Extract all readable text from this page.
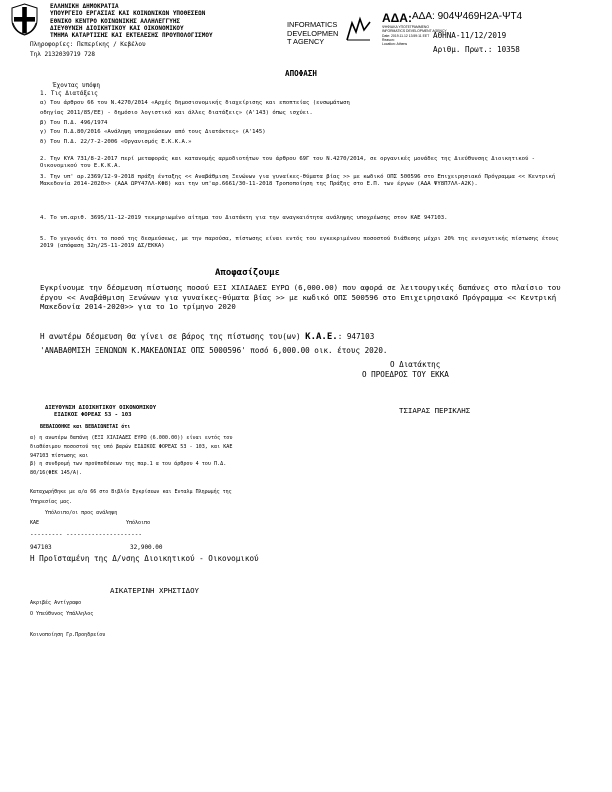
ΕΛΛΗΝΙΚΗ ΔΗΜΟΚΡΑΤΙΑ
ΥΠΟΥΡΓΕΙΟ ΕΡΓΑΣΙΑΣ ΚΑΙ ΚΟΙΝΩΝΙΚΩΝ ΥΠΟΘΕΣΕΩΝ
ΕΘΝΙΚΟ ΚΕΝΤΡΟ ΚΟΙΝΩΝΙΚΗΣ ΑΛΛΗΛΕΓΓΥΗΣ
ΔΙΕΥΘΥΝΣΗ ΔΙΟΙΚΗΤΙΚΟΥ ΚΑΙ ΟΙΚΟΝΟΜΙΚΟΥ
ΤΜΗΜΑ ΚΑΤΑΡΤΙΣΗΣ ΚΑΙ ΕΚΤΕΛΕΣΗΣ ΠΡΟΥΠΟΛΟΓΙΣΜΟΥ
Πληροφορίες: Πεπερίκης / Κεβέλου
Τηλ 2132039719 728
INFORMATICS
DEVELOPMEN
T AGENCY
ΑΔΑ:
ΨΗΦΙΑΚΑ ΥΠΟΓΕΓΡΑΜΜΕΝΟ
INFORMATICS DEVELOPMENT AGENCY
Date: 2019.11.12 13:59:11 EET
Reason:
Location: Athens
ΑΔΑ: 904Ψ469Η2Α-ΨΤ4
ΑΘΗΝΑ-11/12/2019
Αριθμ. Πρωτ.: 10358
ΑΠΟΦΑΣΗ
Έχοντας υπόψη
1. Τις Διατάξεις
α) Του άρθρου 66 του Ν.4270/2014 «Αρχές δημοσιονομικής διαχείρισης και εποπτείας (ενσωμάτωση
οδηγίας 2011/85/ΕΕ) - δημόσιο λογιστικό και άλλες διατάξεις» (Α'143) όπως ισχύει.
β) Του Π.Δ. 496/1974
γ) Του Π.Δ.80/2016 «Ανάληψη υποχρεώσεων από τους Διατάκτες» (Α'145)
δ) Του Π.Δ. 22/7-2-2006 «Οργανισμός Ε.Κ.Κ.Α.»
2. Την ΚΥΑ 731/8-2-2017 περί μεταφοράς και κατανομής αρμοδιοτήτων του άρθρου 69Γ του Ν.4270/2014, σε οργανικές μονάδες της Διεύθυνσης Διοικητικού - Οικονομικού του Ε.Κ.Κ.Α.
3. Την υπ' αρ.2369/12-9-2018 πράξη ένταξης << Αναβάθμιση Ξενώνων για γυναίκες-θύματα βίας >> με κωδικό ΟΠΣ 500596 στο Επιχειρησιακό Πρόγραμμα << Κεντρική Μακεδονία 2014-2020>> (ΑΔΑ ΩΡΥ47ΛΛ-ΚΦ8) και την υπ'αρ.6661/30-11-2018 Τροποποίηση της Πράξης στο Ε.Π. των έργων (ΑΔΑ ΨΥ8Π7ΛΛ-Α2Κ).
4. Το υπ.αριθ. 3695/11-12-2019 τεκμηριωμένο αίτημα του Διατάκτη για την αναγκαιότητα ανάληψης υποχρέωσης στον ΚΑΕ 947103.
5. Το γεγονός ότι το ποσό της δεσμεύσεως, με την παρούσα, πίστωσης είναι εντός του εγκεκριμένου ποσοστού διάθεσης μέχρι 20% της ενισχυτικής πίστωσης έτους 2019 (απόφαση 32η/25-11-2019 ΔΣ/ΕΚΚΑ)
Αποφασίζουμε
Εγκρίνουμε την δέσμευση πίστωσης ποσού ΕΞΙ ΧΙΛΙΑΔΕΣ ΕΥΡΩ (6,000.00) που αφορά σε λειτουργικές δαπάνες στο πλαίσιο του έργου << Αναβάθμιση Ξενώνων για γυναίκες-θύματα βίας >> με κωδικό ΟΠΣ 500596 στο Επιχειρησιακό Πρόγραμμα << Κεντρική Μακεδονία 2014-2020>> για το 1ο τρίμηνο 2020
Η ανωτέρω δέσμευση θα γίνει σε βάρος της πίστωσης του(ων) Κ.Α.Ε.: 947103
'ΑΝΑΒΑΘΜΙΣΗ ΞΕΝΩΝΩΝ Κ.ΜΑΚΕΔΟΝΙΑΣ ΟΠΣ 5000596' ποσό 6,000.00 οικ. έτους 2020.
Ο Διατάκτης
Ο ΠΡΟΕΔΡΟΣ ΤΟΥ ΕΚΚΑ
ΔΙΕΥΘΥΝΣΗ ΔΙΟΙΚΗΤΙΚΟΥ ΟΙΚΟΝΟΜΙΚΟΥ
ΕΙΔΙΚΟΣ ΦΟΡΕΑΣ 53 - 103
ΤΣΙΑΡΑΣ ΠΕΡΙΚΛΗΣ
ΒΕΒΑΙΩΘΗΚΕ και ΒΕΒΑΙΩΝΕΤΑΙ ότι
α) η ανωτέρω δαπάνη (ΕΞΙ ΧΙΛΙΑΔΕΣ ΕΥΡΩ (6.000.00)) είναι εντός του
διαθέσιμου ποσοστού της υπό βαρών ΕΙΔΙΚΟΣ ΦΟΡΕΑΣ 53 - 103, και ΚΑΕ
947103 πίστωσης και
β) η συνδρομή των προϋποθέσεων της παρ.1 α του άρθρου 4 του Π.Δ.
80/16(ΦΕΚ 145/Α).
Καταχωρήθηκε με α/α 66 στο Βιβλίο Εγκρίσεων και Ενταλμ Πληρωμής της
Υπηρεσίας μας.
Υπόλοιπο/οι προς ανάληψη
ΚΑΕ	Υπόλοιπο
--------- ---------------------
947103	32,900.00
Η Προϊσταμένη της Δ/νσης Διοικητικού - Οικονομικού
ΑΙΚΑΤΕΡΙΝΗ ΧΡΗΣΤΙΔΟΥ
Ακριβές Αντίγραφο
Ο Υπεύθυνος Υπάλληλος
Κοινοποίηση Γρ.Προηδρείου
